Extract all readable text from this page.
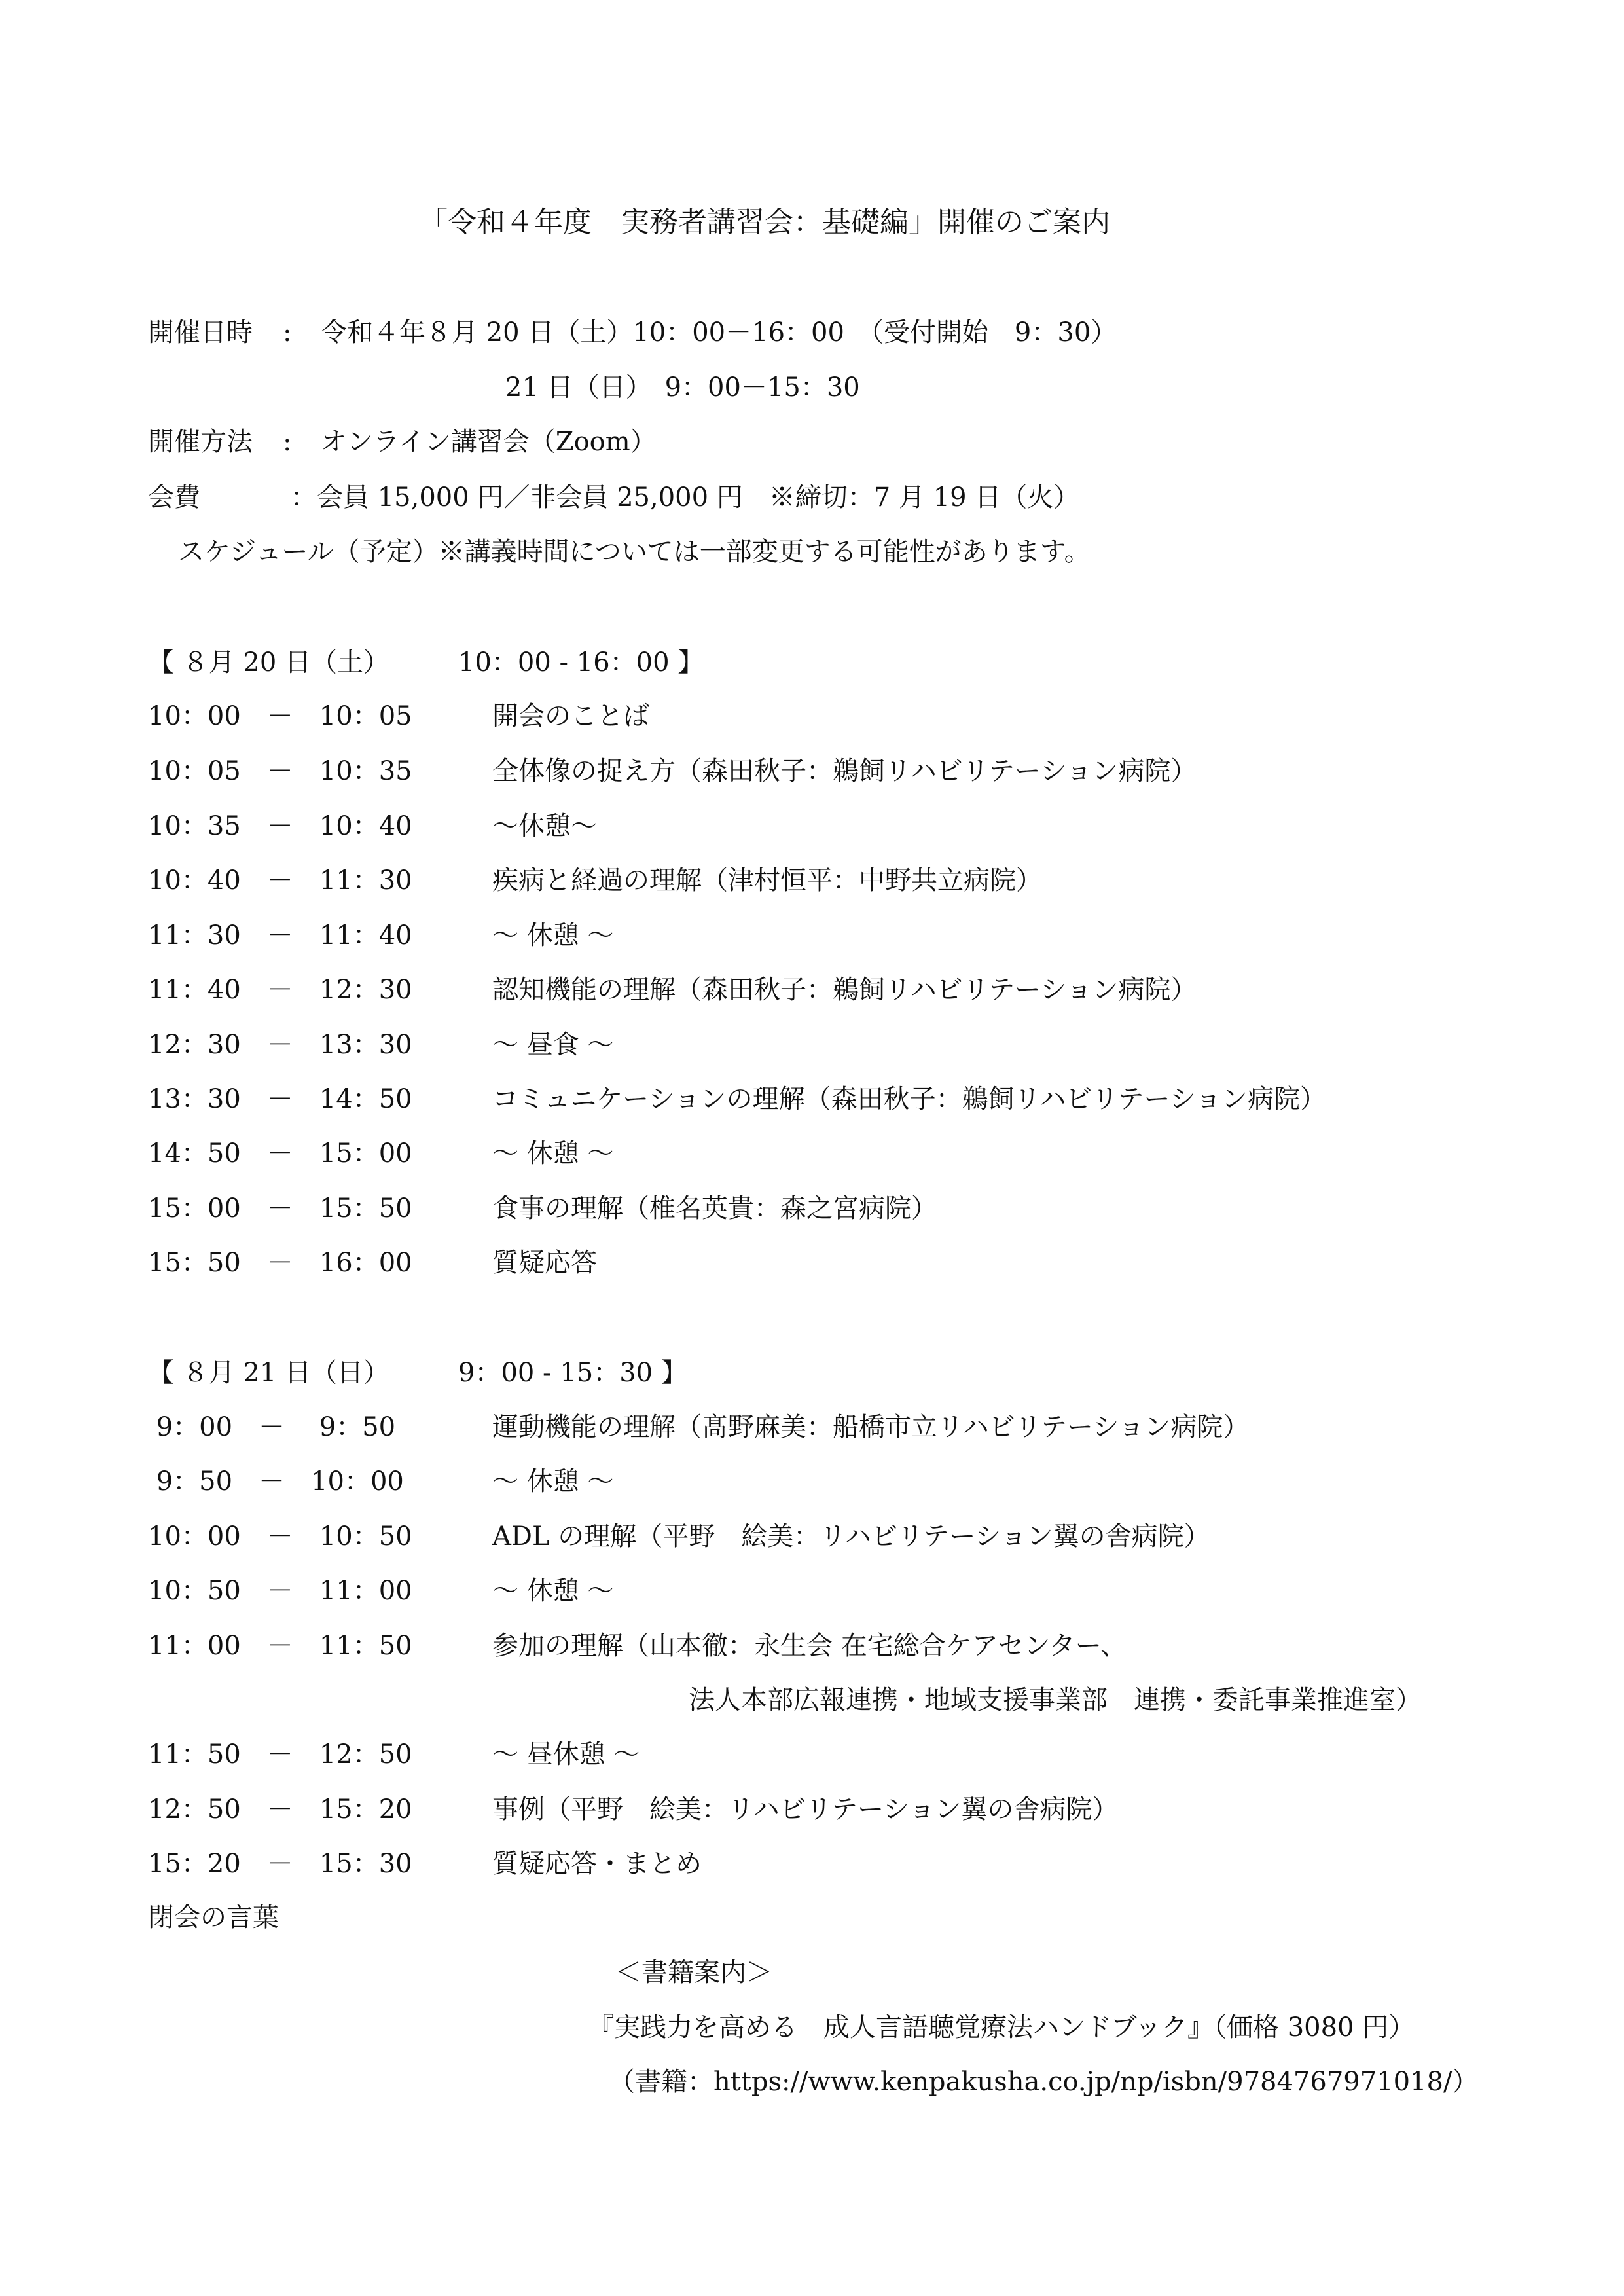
「令和４年度　実務者講習会：基礎編」開催のご案内
開催日時 : 令和４年８月 20 日（土）10：00－16：00　（受付開始　9：30）
21 日（日）　9：00－15：30
開催方法 : オンライン講習会（Zoom）
会費	：会員 15,000 円／非会員 25,000 円　※締切：7 月 19 日（火）
スケジュール（予定）※講義時間については一部変更する可能性があります。
【 ８月 20 日（土）	10：00 - 16：00 】
10：00　－　10：05	開会のことば
10：05　－　10：35	全体像の捉え方（森田秋子：鵜飼リハビリテーション病院）
10：35　－　10：40	～休憩～
10：40　－　11：30	疾病と経過の理解（津村恒平：中野共立病院）
11：30　－　11：40	～ 休憩 ～
11：40　－　12：30	認知機能の理解（森田秋子：鵜飼リハビリテーション病院）
12：30　－　13：30	～ 昼食 ～
13：30　－　14：50	コミュニケーションの理解（森田秋子：鵜飼リハビリテーション病院）
14：50　－　15：00	～ 休憩 ～
15：00　－　15：50	食事の理解（椎名英貴：森之宮病院）
15：50　－　16：00	質疑応答
【 ８月 21 日（日）	9：00 - 15：30 】
9：00　－　 9：50	運動機能の理解（髙野麻美：船橋市立リハビリテーション病院）
9：50　－　10：00	～ 休憩 ～
10：00　－　10：50	ADL の理解（平野　絵美：リハビリテーション翼の舎病院）
10：50　－　11：00	～ 休憩 ～
11：00　－　11：50	参加の理解（山本徹：永生会 在宅総合ケアセンター、
法人本部広報連携・地域支援事業部　連携・委託事業推進室）
11：50　－　12：50	～ 昼休憩 ～
12：50　－　15：20	事例（平野　絵美：リハビリテーション翼の舎病院）
15：20　－　15：30	質疑応答・まとめ
閉会の言葉
＜書籍案内＞
『実践力を高める　成人言語聴覚療法ハンドブック』（価格 3080 円）
（書籍：https://www.kenpakusha.co.jp/np/isbn/9784767971018/）
